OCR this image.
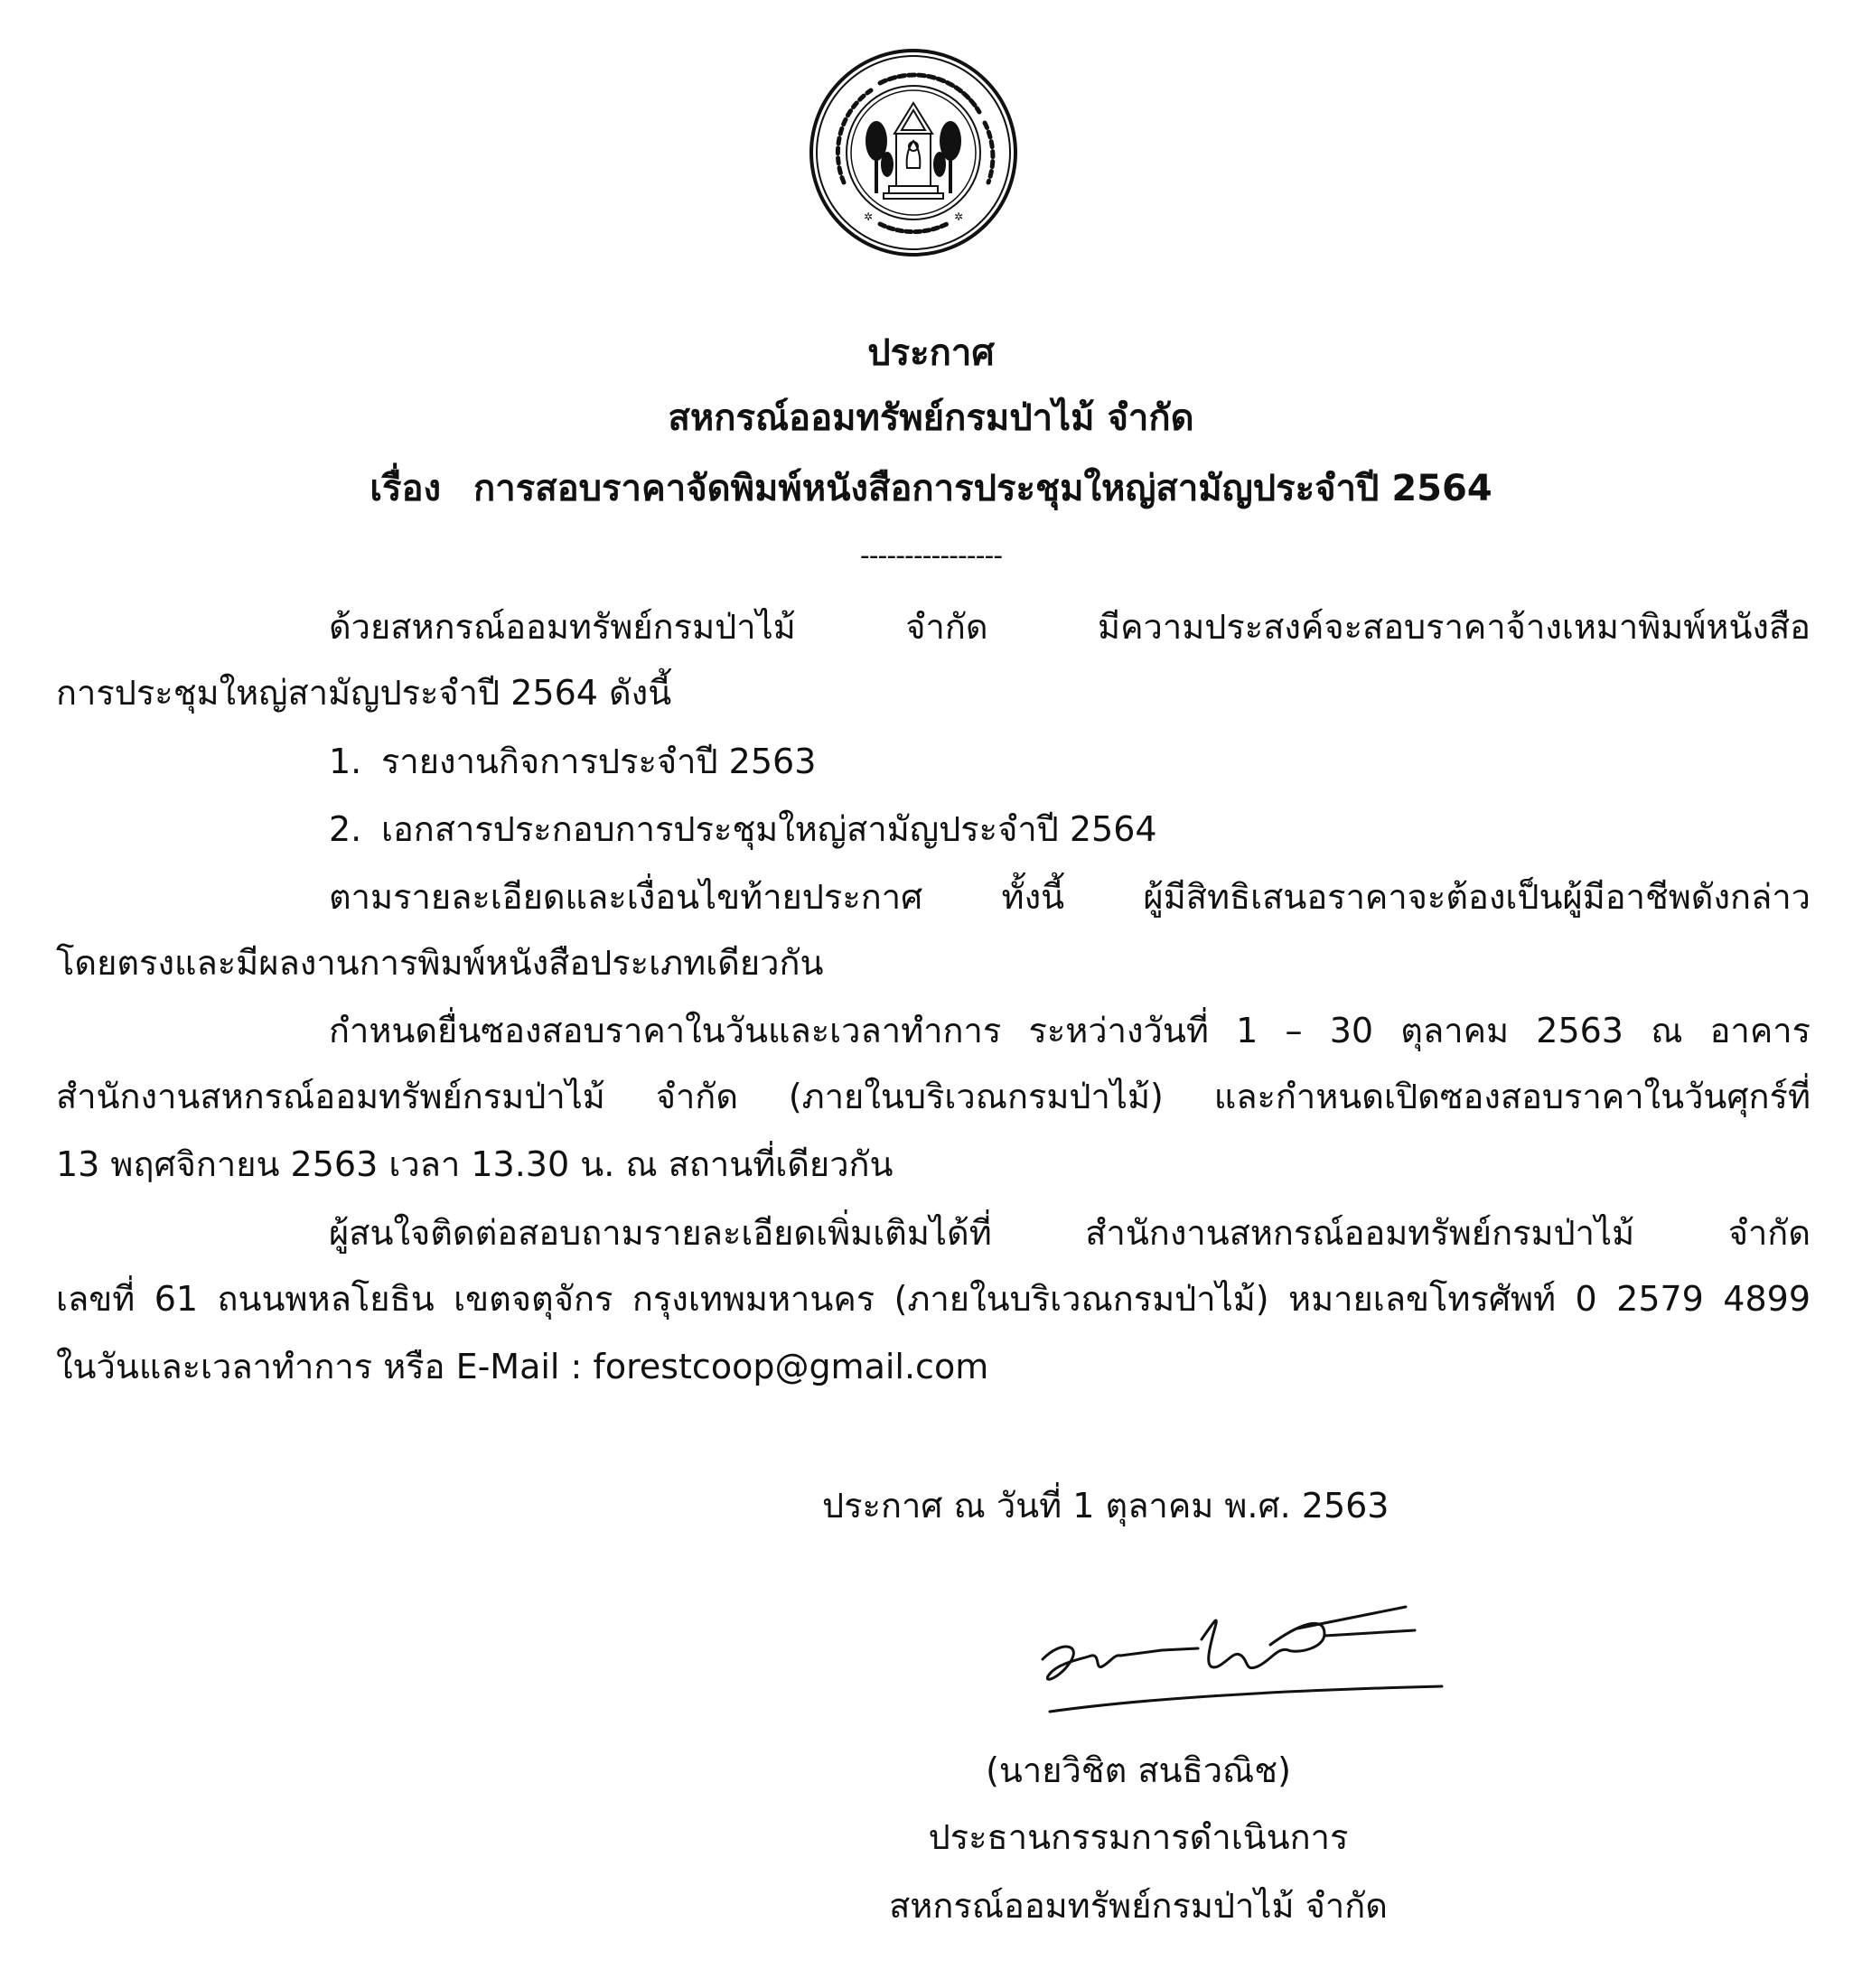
✲	✲
ประกาศ
สหกรณ์ออมทรัพย์กรมป่าไม้ จำกัด
เรื่อง การสอบราคาจัดพิมพ์หนังสือการประชุมใหญ่สามัญประจำปี 2564
----------------
ด้วยสหกรณ์ออมทรัพย์กรมป่าไม้ จำกัด มีความประสงค์จะสอบราคาจ้างเหมาพิมพ์หนังสือ
การประชุมใหญ่สามัญประจำปี 2564 ดังนี้
1. รายงานกิจการประจำปี 2563
2. เอกสารประกอบการประชุมใหญ่สามัญประจำปี 2564
ตามรายละเอียดและเงื่อนไขท้ายประกาศ ทั้งนี้ ผู้มีสิทธิเสนอราคาจะต้องเป็นผู้มีอาชีพดังกล่าว
โดยตรงและมีผลงานการพิมพ์หนังสือประเภทเดียวกัน
กำหนดยื่นซองสอบราคาในวันและเวลาทำการ ระหว่างวันที่ 1 – 30 ตุลาคม 2563 ณ อาคาร
สำนักงานสหกรณ์ออมทรัพย์กรมป่าไม้ จำกัด (ภายในบริเวณกรมป่าไม้) และกำหนดเปิดซองสอบราคาในวันศุกร์ที่
13 พฤศจิกายน 2563 เวลา 13.30 น. ณ สถานที่เดียวกัน
ผู้สนใจติดต่อสอบถามรายละเอียดเพิ่มเติมได้ที่ สำนักงานสหกรณ์ออมทรัพย์กรมป่าไม้ จำกัด
เลขที่ 61 ถนนพหลโยธิน เขตจตุจักร กรุงเทพมหานคร (ภายในบริเวณกรมป่าไม้) หมายเลขโทรศัพท์ 0 2579 4899
ในวันและเวลาทำการ หรือ E-Mail : forestcoop@gmail.com
ประกาศ ณ วันที่ 1 ตุลาคม พ.ศ. 2563
(นายวิชิต สนธิวณิช)
ประธานกรรมการดำเนินการ
สหกรณ์ออมทรัพย์กรมป่าไม้ จำกัด
